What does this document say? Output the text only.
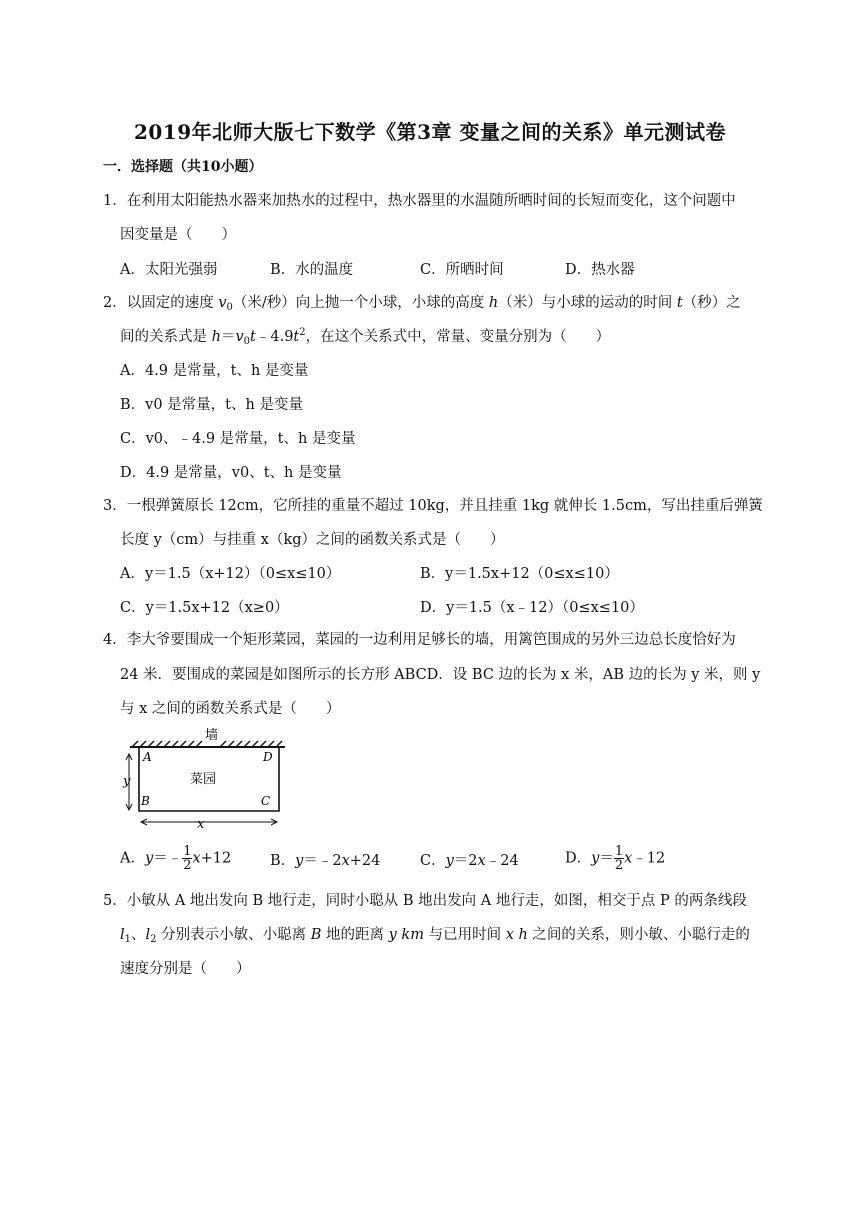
2019年北师大版七下数学《第3章 变量之间的关系》单元测试卷
一．选择题（共10小题）
1．在利用太阳能热水器来加热水的过程中，热水器里的水温随所晒时间的长短而变化，这个问题中
因变量是（　　）
A．太阳光强弱	B．水的温度	C．所晒时间	D．热水器
2．以固定的速度 $v_0$（米/秒）向上抛一个小球，小球的高度 h（米）与小球的运动的时间 t（秒）之
间的关系式是 $h=v_0t﹣4.9t^2$，在这个关系式中，常量、变量分别为（　　）
A．4.9 是常量，t、h 是变量
B．v0 是常量，t、h 是变量
C．v0、﹣4.9 是常量，t、h 是变量
D．4.9 是常量，v0、t、h 是变量
3．一根弹簧原长 12cm，它所挂的重量不超过 10kg，并且挂重 1kg 就伸长 1.5cm，写出挂重后弹簧
长度 y（cm）与挂重 x（kg）之间的函数关系式是（　　）
A．y＝1.5（x+12）（0≤x≤10）	B．y＝1.5x+12（0≤x≤10）
C．y＝1.5x+12（x≥0）	D．y＝1.5（x﹣12）（0≤x≤10）
4．李大爷要围成一个矩形菜园，菜园的一边利用足够长的墙，用篱笆围成的另外三边总长度恰好为
24 米．要围成的菜园是如图所示的长方形 ABCD．设 BC 边的长为 x 米，AB 边的长为 y 米，则 y
与 x 之间的函数关系式是（　　）
墙
A	D
B	C
菜园
y
x
A．y＝﹣ $\frac{1}{2} x+12$	B．y＝﹣2x+24	C．y＝2x﹣24	D．$y= \frac{1}{2}$ x﹣12
5．小敏从 A 地出发向 B 地行走，同时小聪从 B 地出发向 A 地行走，如图，相交于点 P 的两条线段
$l_1$、$l_2$ 分别表示小敏、小聪离 B 地的距离 y km 与已用时间 x h 之间的关系，则小敏、小聪行走的
速度分别是（　　）
